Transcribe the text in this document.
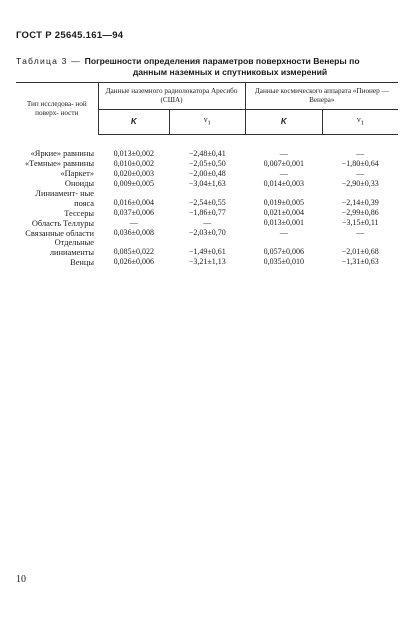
ГОСТ Р 25645.161—94
Таблица 3 — Погрешности определения параметров поверхности Венеры по
данным наземных и спутниковых измерений
Тип исследова- ной поверх- ности	Данные наземного радиолокатора Аресибо (США)		Данные космического аппарата «Пионер — Венера»	
	K	$\nu_1$	K	$\nu_1$
«Яркие» равнины	0,013±0,002	−2,48±0,41	—	—
«Темные» равнины	0,010±0,002	−2,05±0,50	0,007±0,001	−1,80±0,64
«Паркет»	0,020±0,003	−2,00±0,48	—	—
Оноиды	0,009±0,005	−3,04±1,63	0,014±0,003	−2,90±0,33
Линиамент- ные пояса	0,016±0,004	−2,54±0,55	0,019±0,005	−2,14±0,39
Тессеры	0,037±0,006	−1,86±0,77	0,021±0,004	−2,99±0,86
Область Теллуры	—	—	0,013±0,001	−3,15±0,11
Связанные области	0,036±0,008	−2,03±0,70	—	—
Отдельные линиаменты	0,085±0,022	−1,49±0,61	0,057±0,006	−2,01±0,68
Венцы	0,026±0,006	−3,21±1,13	0,035±0,010	−1,31±0,63
10
